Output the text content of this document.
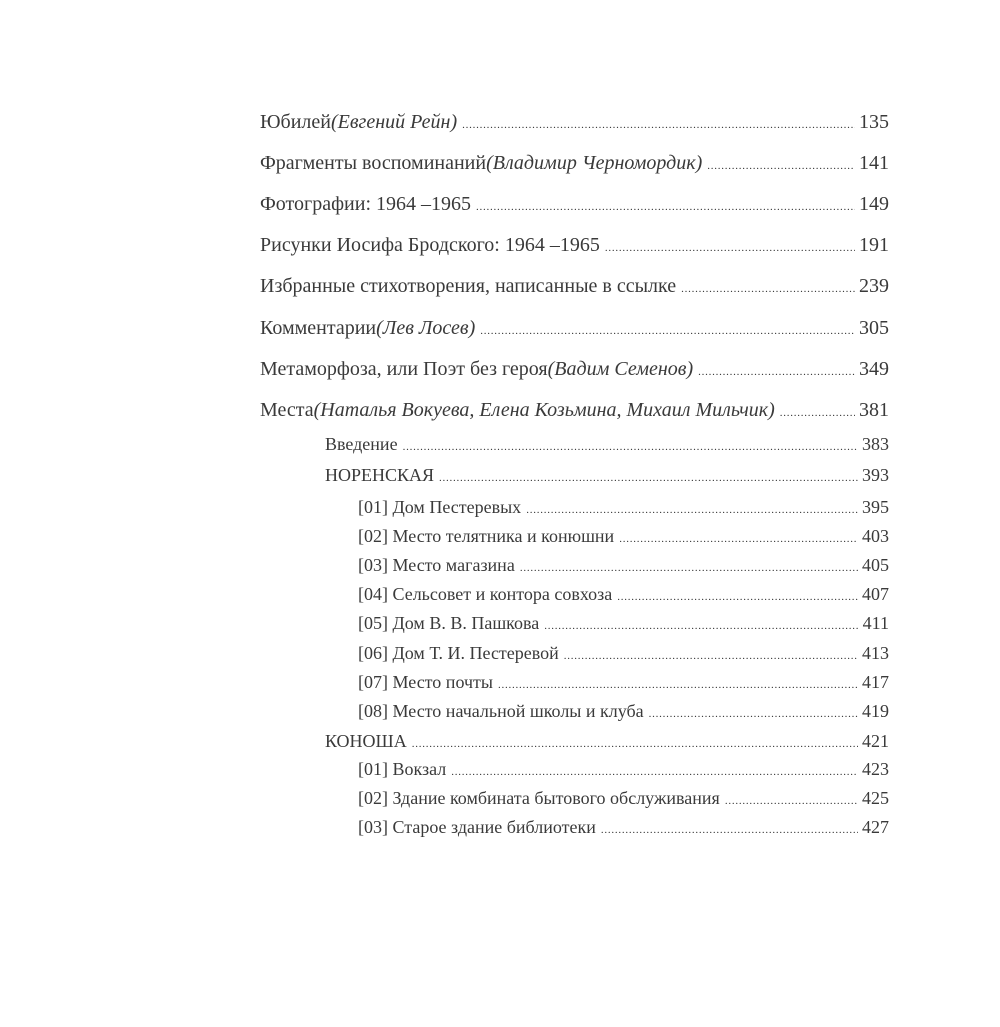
Юбилей (Евгений Рейн) . . .	135
Фрагменты воспоминаний (Владимир Черномордик) . . .	141
Фотографии: 1964 –1965 . . .	149
Рисунки Иосифа Бродского: 1964 –1965 . . .	191
Избранные стихотворения, написанные в ссылке . . .	239
Комментарии (Лев Лосев) . . .	305
Метаморфоза, или Поэт без героя (Вадим Семенов) . . .	349
Места (Наталья Вокуева, Елена Козьмина, Михаил Мильчик) . . .	381
Введение . . .	383
НОРЕНСКАЯ . . .	393
[01] Дом Пестеревых . . .	395
[02] Место телятника и конюшни . . .	403
[03] Место магазина . . .	405
[04] Сельсовет и контора совхоза . . .	407
[05] Дом В. В. Пашкова . . .	411
[06] Дом Т. И. Пестеревой . . .	413
[07] Место почты . . .	417
[08] Место начальной школы и клуба . . .	419
КОНОША . . .	421
[01] Вокзал . . .	423
[02] Здание комбината бытового обслуживания . . .	425
[03] Старое здание библиотеки . . .	427
